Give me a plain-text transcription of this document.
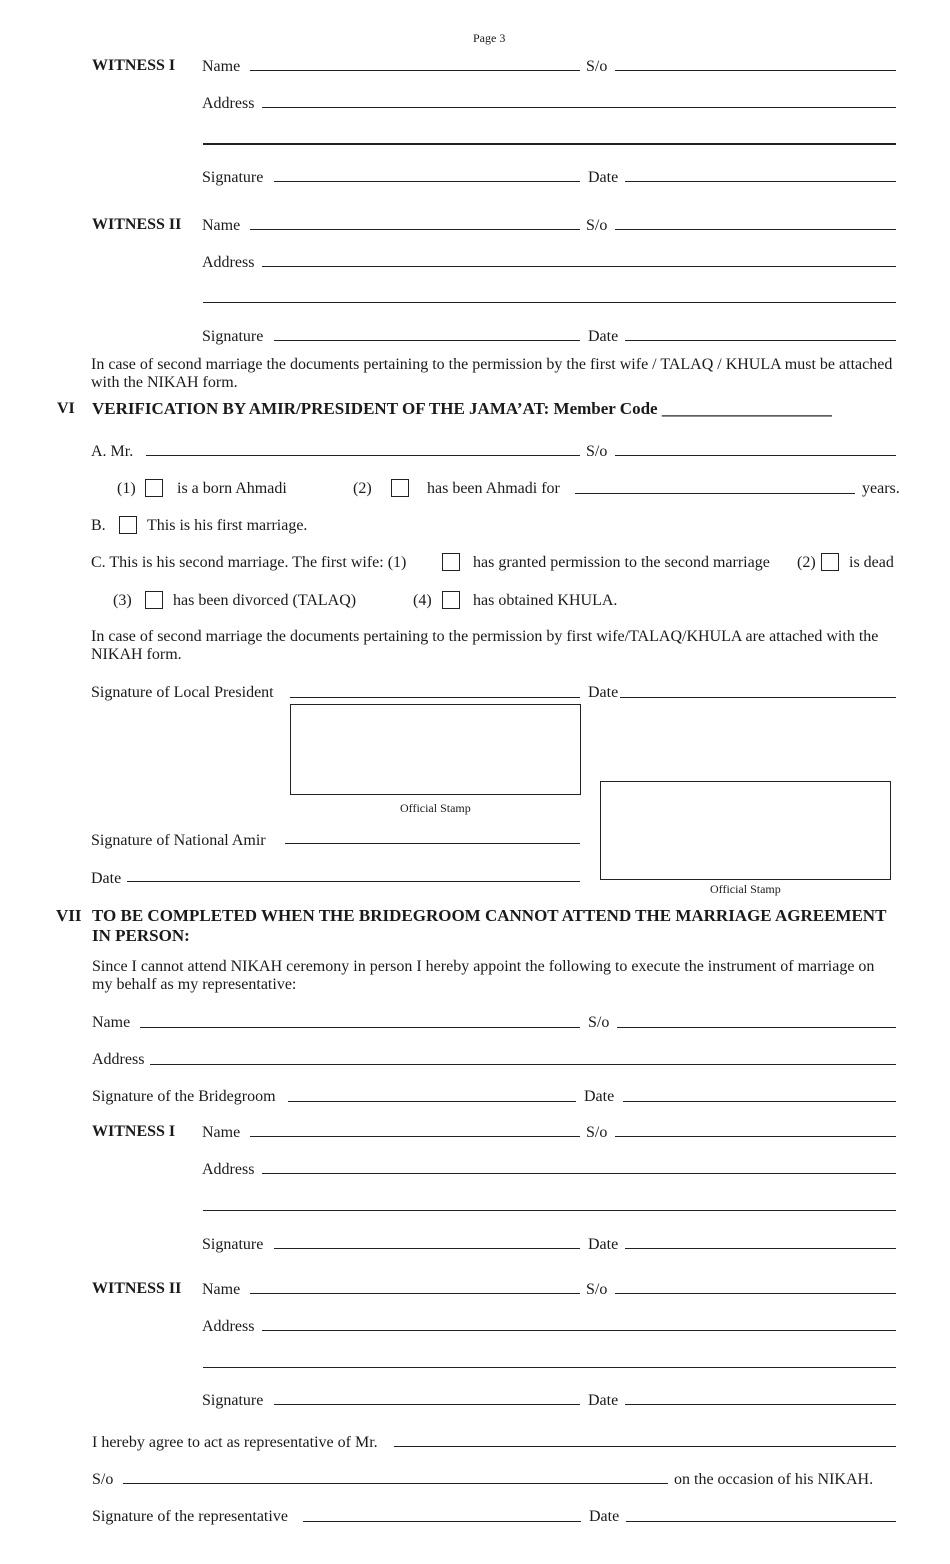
Page 3
WITNESS I Name	S/o
Address
Signature	Date
WITNESS II Name	S/o
Address
Signature	Date
In case of second marriage the documents pertaining to the permission by the first wife / TALAQ / KHULA must be attached with the NIKAH form.
VI VERIFICATION BY AMIR/PRESIDENT OF THE JAMA’AT: Member Code ____________________
A. Mr.	S/o
(1)	is a born Ahmadi	(2)	has been Ahmadi for	years.
B.	This is his first marriage.
C. This is his second marriage. The first wife: (1)	has granted permission to the second marriage (2) is dead
(3)	has been divorced (TALAQ)	(4)	has obtained KHULA.
In case of second marriage the documents pertaining to the permission by first wife/TALAQ/KHULA are attached with the NIKAH form.
Signature of Local President	Date
Official Stamp
Official Stamp
Signature of National Amir
Date
VII TO BE COMPLETED WHEN THE BRIDEGROOM CANNOT ATTEND THE MARRIAGE AGREEMENT
IN PERSON:
Since I cannot attend NIKAH ceremony in person I hereby appoint the following to execute the instrument of marriage on my behalf as my representative:
Name	S/o
Address
Signature of the Bridegroom	Date
WITNESS I Name	S/o
Address
Signature	Date
WITNESS II Name	S/o
Address
Signature	Date
I hereby agree to act as representative of Mr.
S/o	on the occasion of his NIKAH.
Signature of the representative	Date
